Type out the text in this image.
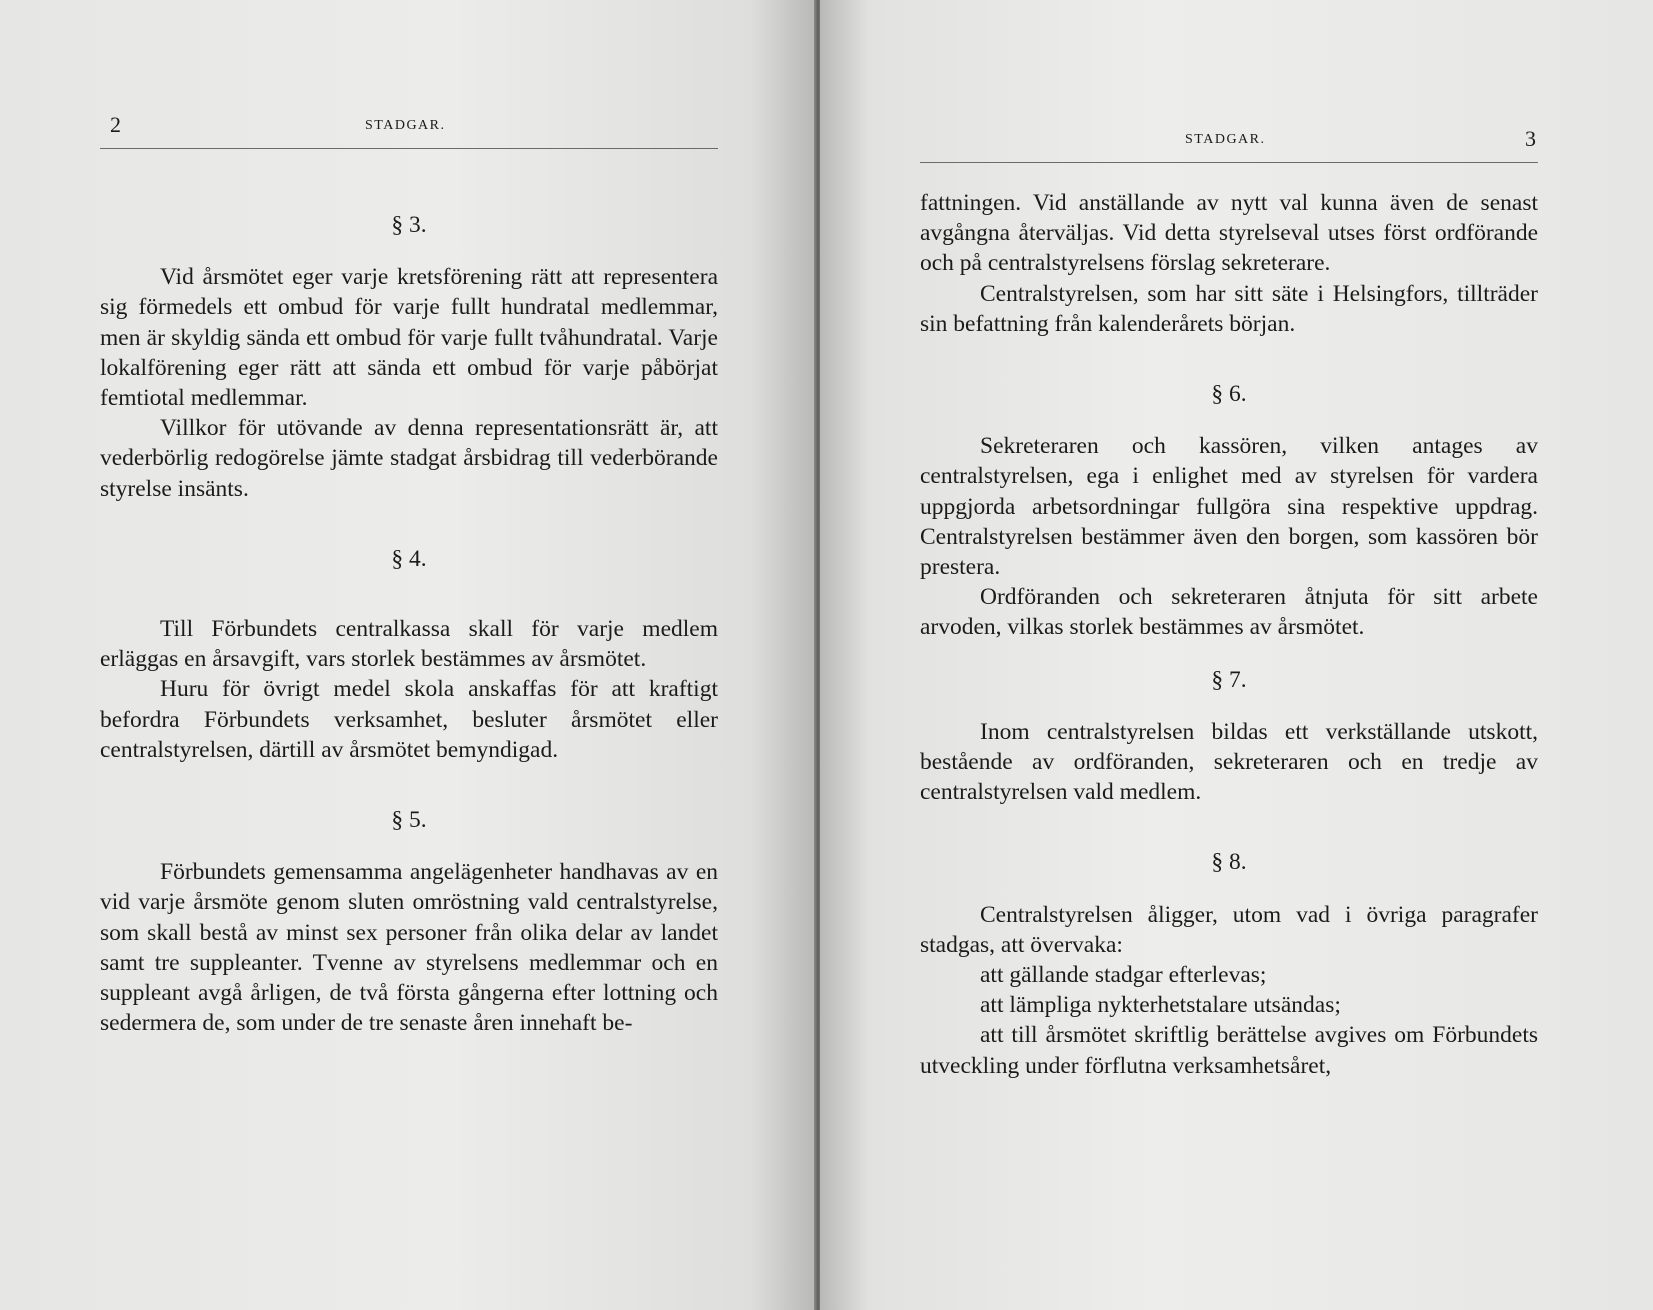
2	STADGAR.
§ 3.

Vid årsmötet eger varje kretsförening rätt att representera sig förmedels ett ombud för varje fullt hundratal medlemmar, men är skyldig sända ett ombud för varje fullt tvåhundratal. Varje lokalförening eger rätt att sända ett ombud för varje påbörjat femtiotal medlemmar.

Villkor för utövande av denna representationsrätt är, att vederbörlig redogörelse jämte stadgat årsbidrag till vederbörande styrelse insänts.

§ 4.

Till Förbundets centralkassa skall för varje medlem erläggas en årsavgift, vars storlek bestämmes av årsmötet.

Huru för övrigt medel skola anskaffas för att kraftigt befordra Förbundets verksamhet, besluter årsmötet eller centralstyrelsen, därtill av årsmötet bemyndigad.

§ 5.

Förbundets gemensamma angelägenheter handhavas av en vid varje årsmöte genom sluten omröstning vald centralstyrelse, som skall bestå av minst sex personer från olika delar av landet samt tre suppleanter. Tvenne av styrelsens medlemmar och en suppleant avgå årligen, de två första gångerna efter lottning och sedermera de, som under de tre senaste åren innehaft be-

STADGAR.	3

fattningen. Vid anställande av nytt val kunna även de senast avgångna återväljas. Vid detta styrelseval utses först ordförande och på centralstyrelsens förslag sekreterare.

Centralstyrelsen, som har sitt säte i Helsingfors, tillträder sin befattning från kalenderårets början.

§ 6.

Sekreteraren och kassören, vilken antages av centralstyrelsen, ega i enlighet med av styrelsen för vardera uppgjorda arbetsordningar fullgöra sina respektive uppdrag. Centralstyrelsen bestämmer även den borgen, som kassören bör prestera.

Ordföranden och sekreteraren åtnjuta för sitt arbete arvoden, vilkas storlek bestämmes av årsmötet.

§ 7.

Inom centralstyrelsen bildas ett verkställande utskott, bestående av ordföranden, sekreteraren och en tredje av centralstyrelsen vald medlem.

§ 8.

Centralstyrelsen åligger, utom vad i övriga paragrafer stadgas, att övervaka:

att gällande stadgar efterlevas;

att lämpliga nykterhetstalare utsändas;

att till årsmötet skriftlig berättelse avgives om Förbundets utveckling under förflutna verksamhetsåret,
